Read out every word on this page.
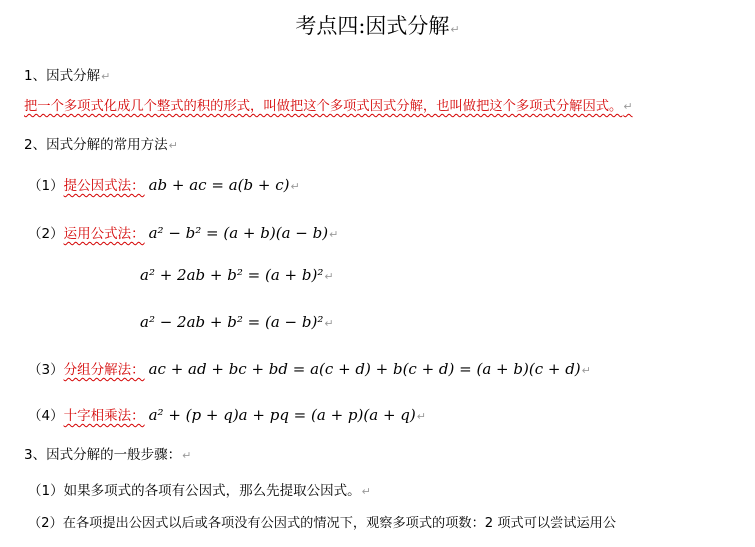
考点四:因式分解↵
1、因式分解↵
把一个多项式化成几个整式的积的形式，叫做把这个多项式因式分解，也叫做把这个多项式分解因式。↵
2、因式分解的常用方法↵
（1）提公因式法： ab + ac = a(b + c)↵
（2）运用公式法： a² − b² = (a + b)(a − b)↵
a² + 2ab + b² = (a + b)²↵
a² − 2ab + b² = (a − b)²↵
（3）分组分解法： ac + ad + bc + bd = a(c + d) + b(c + d) = (a + b)(c + d)↵
（4）十字相乘法： a² + (p + q)a + pq = (a + p)(a + q)↵
3、因式分解的一般步骤：↵
（1）如果多项式的各项有公因式，那么先提取公因式。↵
（2）在各项提出公因式以后或各项没有公因式的情况下，观察多项式的项数：2 项式可以尝试运用公
